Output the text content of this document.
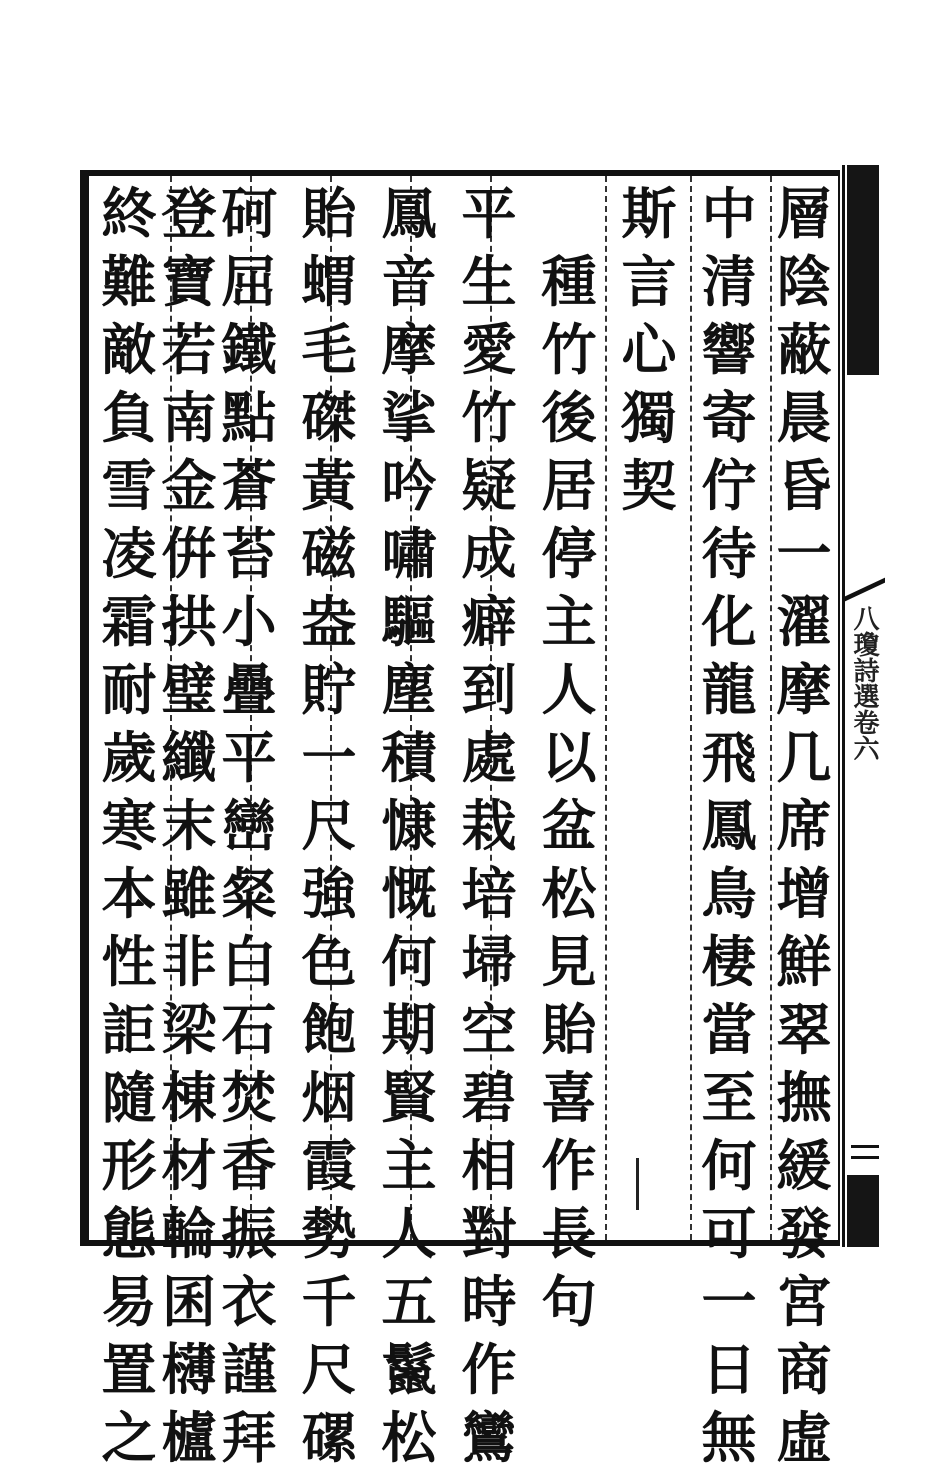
層
陰
蔽
晨
昏
一
濯
摩
几
席
增
鮮
翠
撫
緩
發
宮
商
虛
中
清
響
寄
佇
待
化
龍
飛
鳳
鳥
棲
當
至
何
可
一
日
無
斯
言
心
獨
契
種
竹
後
居
停
主
人
以
盆
松
見
貽
喜
作
長
句
平
生
愛
竹
疑
成
癖
到
處
栽
培
埽
空
碧
相
對
時
作
鸞
鳳
音
摩
挲
吟
嘯
驅
塵
積
慷
慨
何
期
賢
主
人
五
鬣
松
貽
蝟
毛
磔
黃
磁
盎
貯
一
尺
強
色
飽
烟
霞
勢
千
尺
磥
砢
屈
鐵
點
蒼
苔
小
疊
平
巒
粲
白
石
焚
香
振
衣
謹
拜
登
寶
若
南
金
倂
拱
璧
纖
末
雖
非
梁
棟
材
輪
囷
欂
櫨
終
難
敵
負
雪
凌
霜
耐
歲
寒
本
性
詎
隨
形
態
易
置
之
八瓊詩選卷六
